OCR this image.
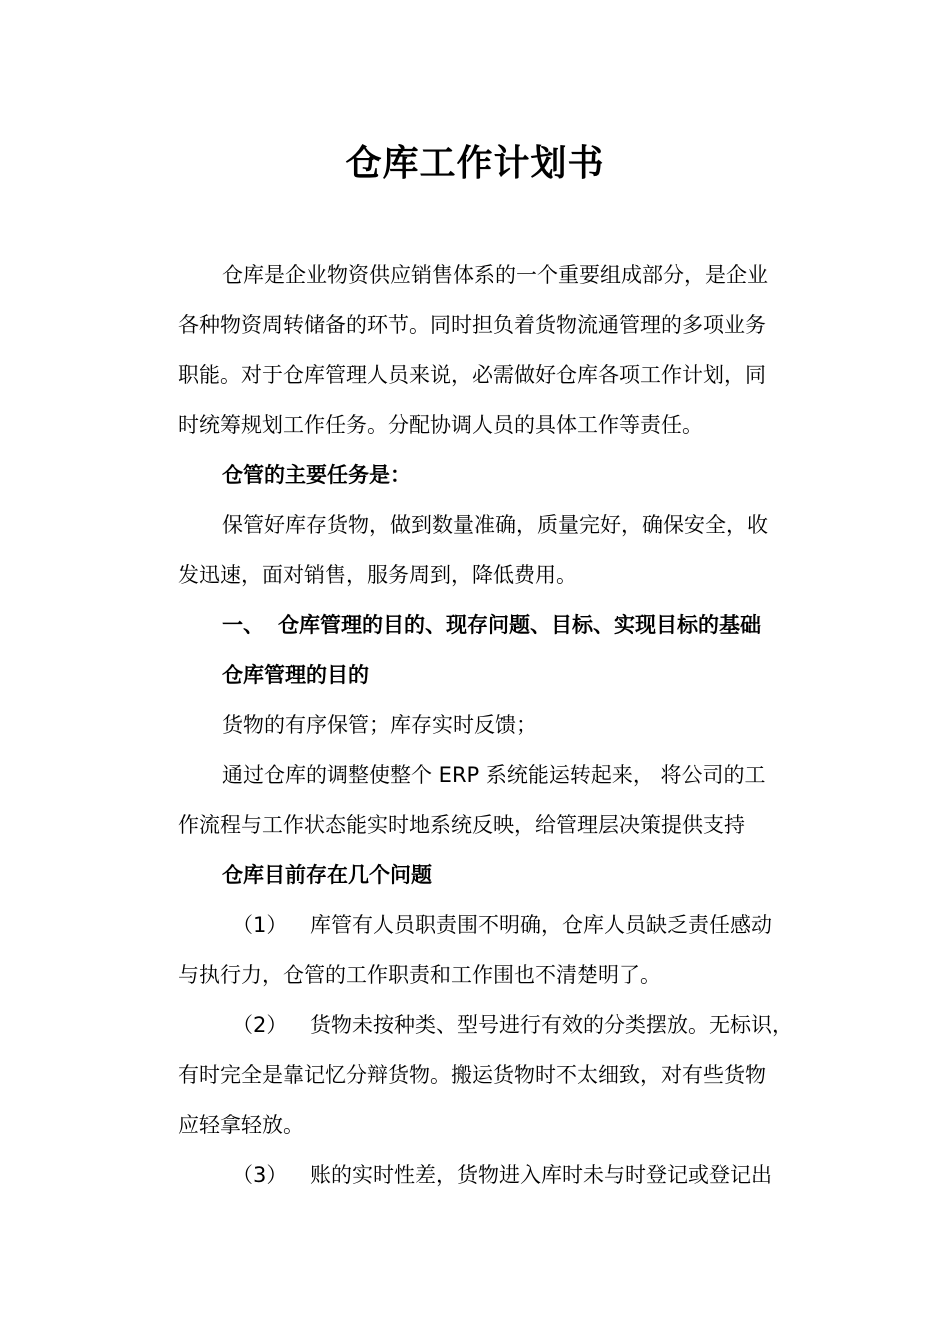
仓库工作计划书
仓库是企业物资供应销售体系的一个重要组成部分，是企业
各种物资周转储备的环节。同时担负着货物流通管理的多项业务
职能。对于仓库管理人员来说，必需做好仓库各项工作计划，同
时统筹规划工作任务。分配协调人员的具体工作等责任。
仓管的主要任务是：
保管好库存货物，做到数量准确，质量完好，确保安全，收
发迅速，面对销售，服务周到，降低费用。
一、 仓库管理的目的、现存问题、目标、实现目标的基础
仓库管理的目的
货物的有序保管；库存实时反馈；
通过仓库的调整使整个 ERP 系统能运转起来， 将公司的工
作流程与工作状态能实时地系统反映，给管理层决策提供支持
仓库目前存在几个问题
（1） 库管有人员职责围不明确，仓库人员缺乏责任感动
与执行力，仓管的工作职责和工作围也不清楚明了。
（2） 货物未按种类、型号进行有效的分类摆放。无标识，
有时完全是靠记忆分辩货物。搬运货物时不太细致，对有些货物
应轻拿轻放。
（3） 账的实时性差，货物进入库时未与时登记或登记出
